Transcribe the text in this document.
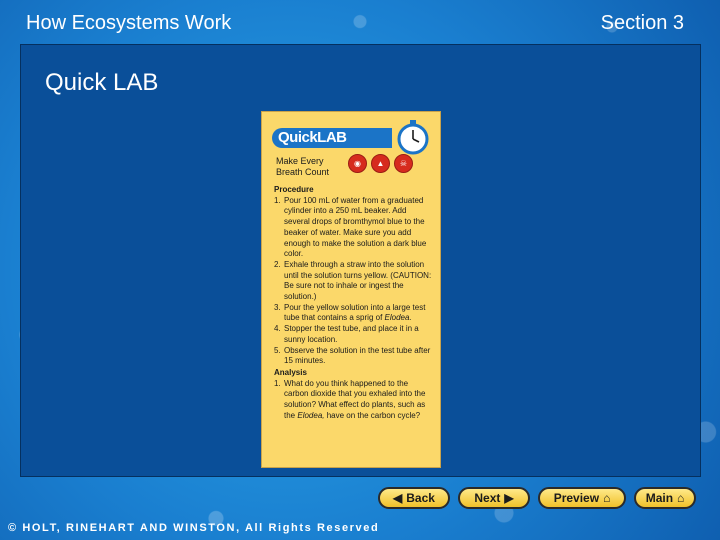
How Ecosystems Work	Section 3
Quick LAB
QuickLAB
Make Every Breath Count
◉	▲	☠
Procedure
1. Pour 100 mL of water from a graduated cylinder into a 250 mL beaker. Add several drops of bromthymol blue to the beaker of water. Make sure you add enough to make the solution a dark blue color.
2. Exhale through a straw into the solution until the solution turns yellow. (CAUTION: Be sure not to inhale or ingest the solution.)
3. Pour the yellow solution into a large test tube that contains a sprig of Elodea.
4. Stopper the test tube, and place it in a sunny location.
5. Observe the solution in the test tube after 15 minutes.
Analysis
1. What do you think happened to the carbon dioxide that you exhaled into the solution? What effect do plants, such as the Elodea, have on the carbon cycle?
◀ Back	Next ▶	Preview ⌂	Main ⌂
© HOLT, RINEHART AND WINSTON, All Rights Reserved
